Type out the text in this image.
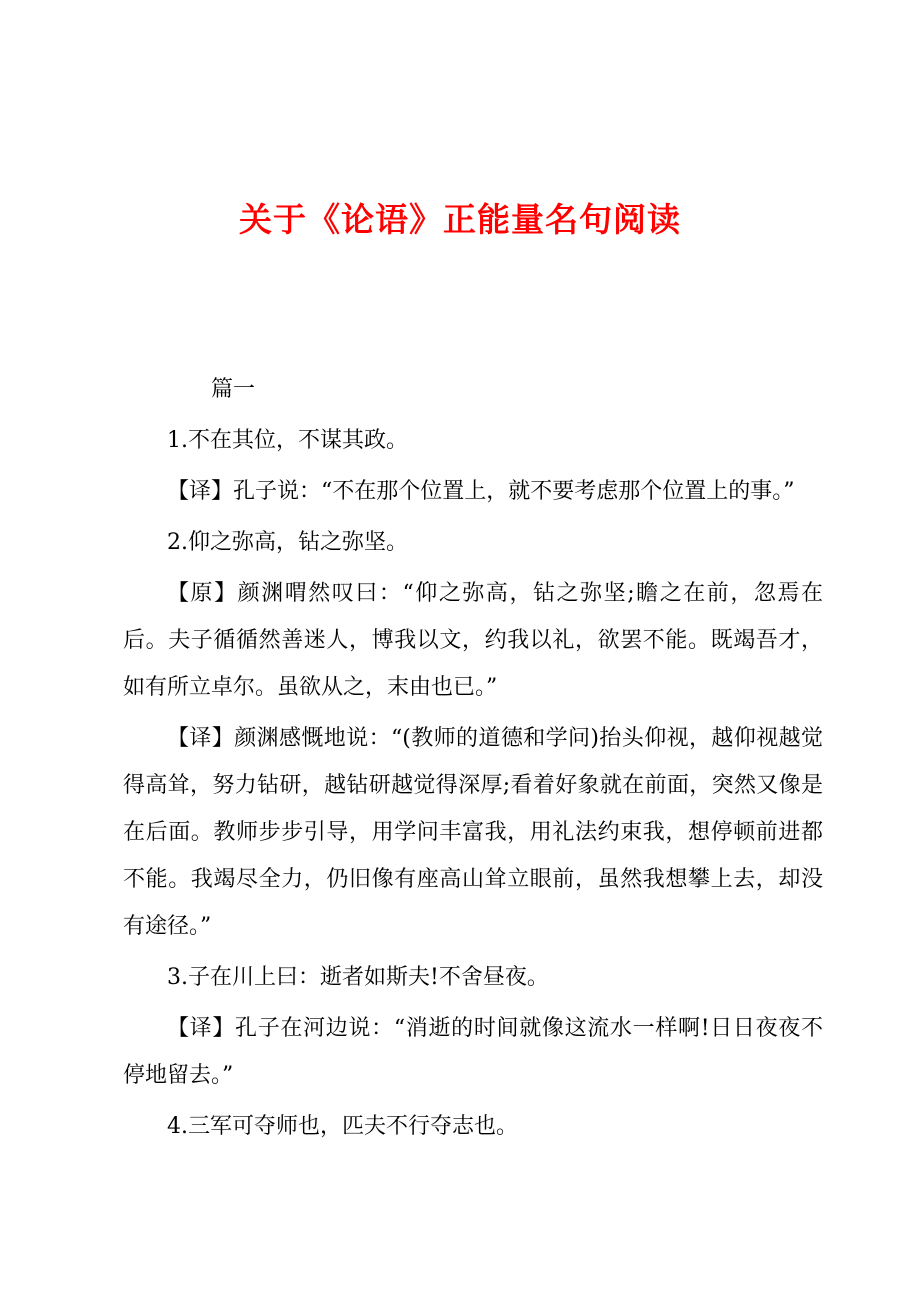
关于《论语》正能量名句阅读

篇一

1.不在其位，不谋其政。

【译】孔子说：“不在那个位置上，就不要考虑那个位置上的事。”

2.仰之弥高，钻之弥坚。

【原】颜渊喟然叹曰：“仰之弥高，钻之弥坚;瞻之在前，忽焉在后。夫子循循然善迷人，博我以文，约我以礼，欲罢不能。既竭吾才，如有所立卓尔。虽欲从之，末由也已。”

【译】颜渊感慨地说：“(教师的道德和学问)抬头仰视，越仰视越觉得高耸，努力钻研，越钻研越觉得深厚;看着好象就在前面，突然又像是在后面。教师步步引导，用学问丰富我，用礼法约束我，想停顿前进都不能。我竭尽全力，仍旧像有座高山耸立眼前，虽然我想攀上去，却没有途径。”

3.子在川上曰：逝者如斯夫!不舍昼夜。

【译】孔子在河边说：“消逝的时间就像这流水一样啊!日日夜夜不停地留去。”

4.三军可夺师也，匹夫不行夺志也。
